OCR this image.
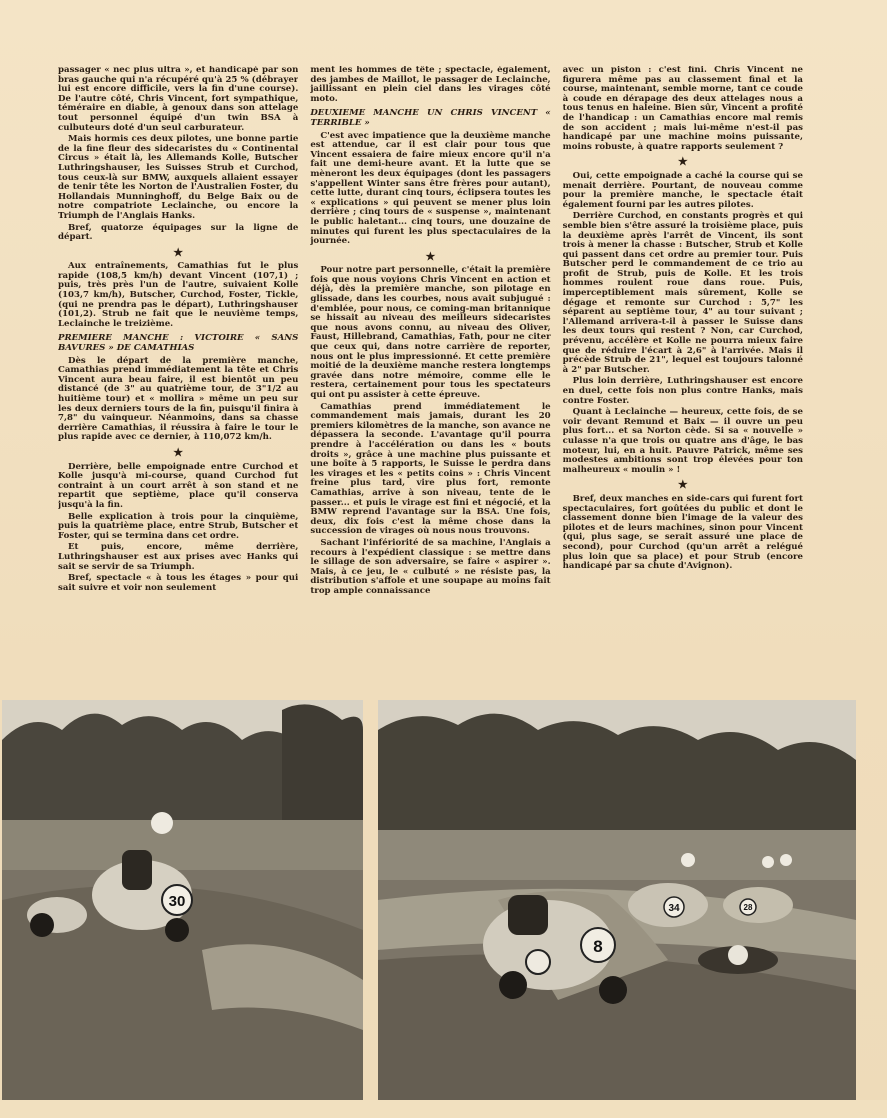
passager « nec plus ultra », et handicapé par son bras gauche qui n'a récupéré qu'à 25 % (débrayer lui est encore difficile, vers la fin d'une course). De l'autre côté, Chris Vincent, fort sympathique, téméraire en diable, à genoux dans son attelage tout personnel équipé d'un twin BSA à culbuteurs doté d'un seul carburateur.

Mais hormis ces deux pilotes, une bonne partie de la fine fleur des sidecaristes du « Continental Circus » était là, les Allemands Kolle, Butscher Luthringshauser, les Suisses Strub et Curchod, tous ceux-là sur BMW, auxquels allaient essayer de tenir tête les Norton de l'Australien Foster, du Hollandais Munninghoff, du Belge Baix ou de notre compatriote Leclainche, ou encore la Triumph de l'Anglais Hanks.

Bref, quatorze équipages sur la ligne de départ.

★

Aux entraînements, Camathias fut le plus rapide (108,5 km/h) devant Vincent (107,1) ; puis, très près l'un de l'autre, suivaient Kolle (103,7 km/h), Butscher, Curchod, Foster, Tickle, (qui ne prendra pas le départ), Luthringshauser (101,2). Strub ne fait que le neuvième temps, Leclainche le treizième.

PREMIERE MANCHE : VICTOIRE « SANS BAVURES » DE CAMATHIAS

Dès le départ de la première manche, Camathias prend immédiatement la tête et Chris Vincent aura beau faire, il est bientôt un peu distancé (de 3" au quatrième tour, de 3"1/2 au huitième tour) et « mollira » même un peu sur les deux derniers tours de la fin, puisqu'il finira à 7,8" du vainqueur. Néanmoins, dans sa chasse derrière Camathias, il réussira à faire le tour le plus rapide avec ce dernier, à 110,072 km/h.

★

Derrière, belle empoignade entre Curchod et Kolle jusqu'à mi-course, quand Curchod fut contraint à un court arrêt à son stand et ne repartit que septième, place qu'il conserva jusqu'à la fin.

Belle explication à trois pour la cinquième, puis la quatrième place, entre Strub, Butscher et Foster, qui se termina dans cet ordre.

Et puis, encore, même derrière, Luthringshauser est aux prises avec Hanks qui sait se servir de sa Triumph.

Bref, spectacle « à tous les étages » pour qui sait suivre et voir non seulement

ment les hommes de tête ; spectacle, également, des jambes de Maillot, le passager de Leclainche, jaillissant en plein ciel dans les virages côté moto.

DEUXIEME MANCHE UN CHRIS VINCENT « TERRIBLE »

C'est avec impatience que la deuxième manche est attendue, car il est clair pour tous que Vincent essaiera de faire mieux encore qu'il n'a fait une demi-heure avant. Et la lutte que se mèneront les deux équipages (dont les passagers s'appellent Winter sans être frères pour autant), cette lutte, durant cinq tours, éclipsera toutes les « explications » qui peuvent se mener plus loin derrière ; cinq tours de « suspense », maintenant le public haletant... cinq tours, une douzaine de minutes qui furent les plus spectaculaires de la journée.

★

Pour notre part personnelle, c'était la première fois que nous voyions Chris Vincent en action et déjà, dès la première manche, son pilotage en glissade, dans les courbes, nous avait subjugué : d'emblée, pour nous, ce coming-man britannique se hissait au niveau des meilleurs sidecaristes que nous avons connu, au niveau des Oliver, Faust, Hillebrand, Camathias, Fath, pour ne citer que ceux qui, dans notre carrière de reporter, nous ont le plus impressionné. Et cette première moitié de la deuxième manche restera longtemps gravée dans notre mémoire, comme elle le restera, certainement pour tous les spectateurs qui ont pu assister à cette épreuve.

Camathias prend immédiatement le commandement mais jamais, durant les 20 premiers kilomètres de la manche, son avance ne dépassera la seconde. L'avantage qu'il pourra prendre à l'accélération ou dans les « bouts droits », grâce à une machine plus puissante et une boîte à 5 rapports, le Suisse le perdra dans les virages et les « petits coins » : Chris Vincent freine plus tard, vire plus fort, remonte Camathias, arrive à son niveau, tente de le passer... et puis le virage est fini et négocié, et la BMW reprend l'avantage sur la BSA. Une fois, deux, dix fois c'est la même chose dans la succession de virages où nous nous trouvons.

Sachant l'infériorité de sa machine, l'Anglais a recours à l'expédient classique : se mettre dans le sillage de son adversaire, se faire « aspirer ». Mais, à ce jeu, le « culbuté » ne résiste pas, la distribution s'affole et une soupape au moins fait trop ample connaissance

avec un piston : c'est fini. Chris Vincent ne figurera même pas au classement final et la course, maintenant, semble morne, tant ce coude à coude en dérapage des deux attelages nous a tous tenus en haleine. Bien sûr, Vincent a profité de l'handicap : un Camathias encore mal remis de son accident ; mais lui-même n'est-il pas handicapé par une machine moins puissante, moins robuste, à quatre rapports seulement ?

★

Oui, cette empoignade a caché la course qui se menait derrière. Pourtant, de nouveau comme pour la première manche, le spectacle était également fourni par les autres pilotes.

Derrière Curchod, en constants progrès et qui semble bien s'être assuré la troisième place, puis la deuxième après l'arrêt de Vincent, ils sont trois à mener la chasse : Butscher, Strub et Kolle qui passent dans cet ordre au premier tour. Puis Butscher perd le commandement de ce trio au profit de Strub, puis de Kolle. Et les trois hommes roulent roue dans roue. Puis, imperceptiblement mais sûrement, Kolle se dégage et remonte sur Curchod : 5,7" les séparent au septième tour, 4" au tour suivant ; l'Allemand arrivera-t-il à passer le Suisse dans les deux tours qui restent ? Non, car Curchod, prévenu, accélère et Kolle ne pourra mieux faire que de réduire l'écart à 2,6" à l'arrivée. Mais il précède Strub de 21", lequel est toujours talonné à 2" par Butscher.

Plus loin derrière, Luthringshauser est encore en duel, cette fois non plus contre Hanks, mais contre Foster.

Quant à Leclainche — heureux, cette fois, de se voir devant Remund et Baix — il ouvre un peu plus fort... et sa Norton cède. Si sa « nouvelle » culasse n'a que trois ou quatre ans d'âge, le bas moteur, lui, en a huit. Pauvre Patrick, même ses modestes ambitions sont trop élevées pour ton malheureux « moulin » !

★

Bref, deux manches en side-cars qui furent fort spectaculaires, fort goûtées du public et dont le classement donne bien l'image de la valeur des pilotes et de leurs machines, sinon pour Vincent (qui, plus sage, se serait assuré une place de second), pour Curchod (qu'un arrêt a relégué plus loin que sa place) et pour Strub (encore handicapé par sa chute d'Avignon).

30
8
34	28
